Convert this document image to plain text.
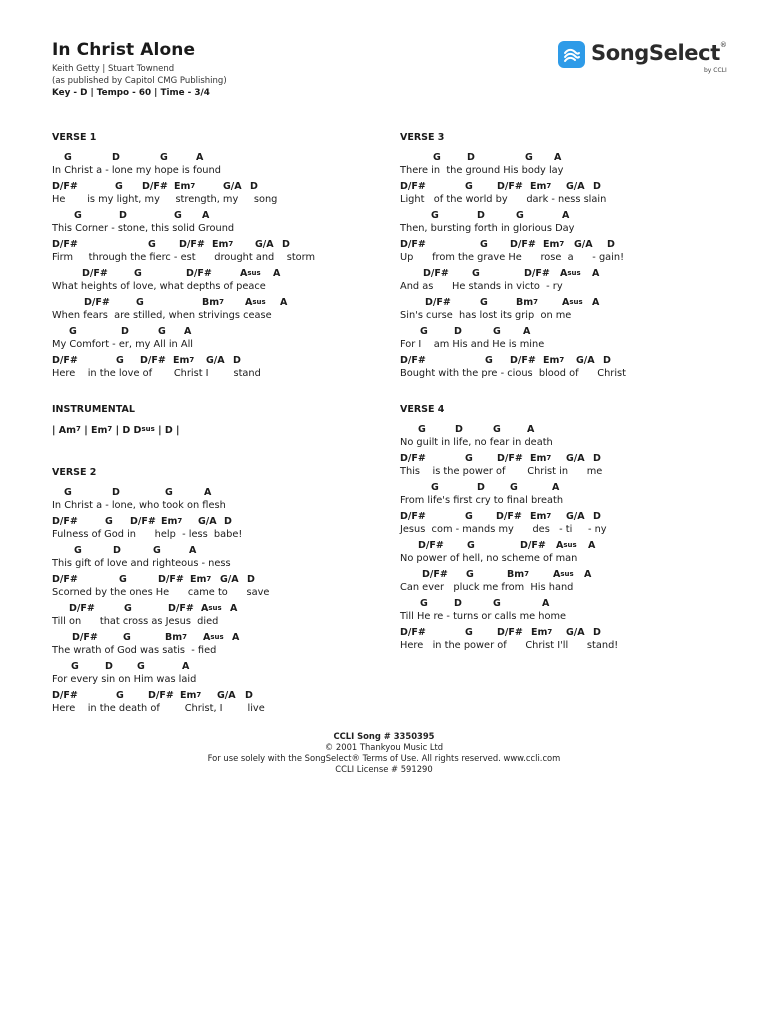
In Christ Alone
Keith Getty | Stuart Townend
(as published by Capitol CMG Publishing)
Key - D | Tempo - 60 | Time - 3/4
SongSelect®
by CCLI
VERSE 1
G	D	G	A
In Christ a - lone my hope is found
D/F#	G D/F# Em$^7$	G/A D
He       is my light, my     strength, my     song
G	D	G A
This Corner - stone, this solid Ground
D/F#	G D/F# Em$^7$ G/A D
Firm     through the fierc - est      drought and    storm
D/F#	G	D/F#	$A^{sus}$ A
What heights of love, what depths of peace
D/F#	G	Bm$^7$ $A^{sus}$ A
When fears  are stilled, when strivings cease
G	D	G A
My Comfort - er, my All in All
D/F#	G D/F# Em$^7$ G/A D
Here    in the love of       Christ I        stand
INSTRUMENTAL
| Am$^7$ | Em$^7$ | D $D^{sus}$ | D |
VERSE 2
G	D	G	A
In Christ a - lone, who took on flesh
D/F#	G D/F# Em$^7$ G/A D
Fulness of God in      help  - less  babe!
G	D	G	A
This gift of love and righteous - ness
D/F#	G	D/F# Em$^7$ G/A D
Scorned by the ones He      came to      save
D/F#	G	D/F# $A^{sus}$ A
Till on      that cross as Jesus  died
D/F#	G	Bm$^7$ $A^{sus}$ A
The wrath of God was satis  - fied
G	D	G	A
For every sin on Him was laid
D/F#	G	D/F# Em$^7$ G/A D
Here    in the death of        Christ, I        live
VERSE 3
G	D	G A
There in  the ground His body lay
D/F#	G	D/F# Em$^7$ G/A D
Light   of the world by      dark - ness slain
G	D	G	A
Then, bursting forth in glorious Day
D/F#	G D/F# Em$^7$ G/A D
Up      from the grave He      rose  a      - gain!
D/F# G	D/F# $A^{sus}$ A
And as      He stands in victo  - ry
D/F#	G	Bm$^7$	$A^{sus}$ A
Sin's curse  has lost its grip  on me
G	D	G A
For I    am His and He is mine
D/F#	G D/F# Em$^7$ G/A D
Bought with the pre - cious  blood of      Christ
VERSE 4
G	D	G	A
No guilt in life, no fear in death
D/F#	G	D/F# Em$^7$ G/A D
This    is the power of       Christ in      me
G	D	G	A
From life's first cry to final breath
D/F#	G D/F# Em$^7$ G/A D
Jesus  com - mands my      des   - ti     - ny
D/F# G	D/F# $A^{sus}$ A
No power of hell, no scheme of man
D/F# G	Bm$^7$	$A^{sus}$ A
Can ever   pluck me from  His hand
G	D	G	A
Till He re - turns or calls me home
D/F#	G	D/F# Em$^7$ G/A D
Here   in the power of      Christ I'll      stand!
CCLI Song # 3350395
© 2001 Thankyou Music Ltd
For use solely with the SongSelect® Terms of Use. All rights reserved. www.ccli.com
CCLI License # 591290
